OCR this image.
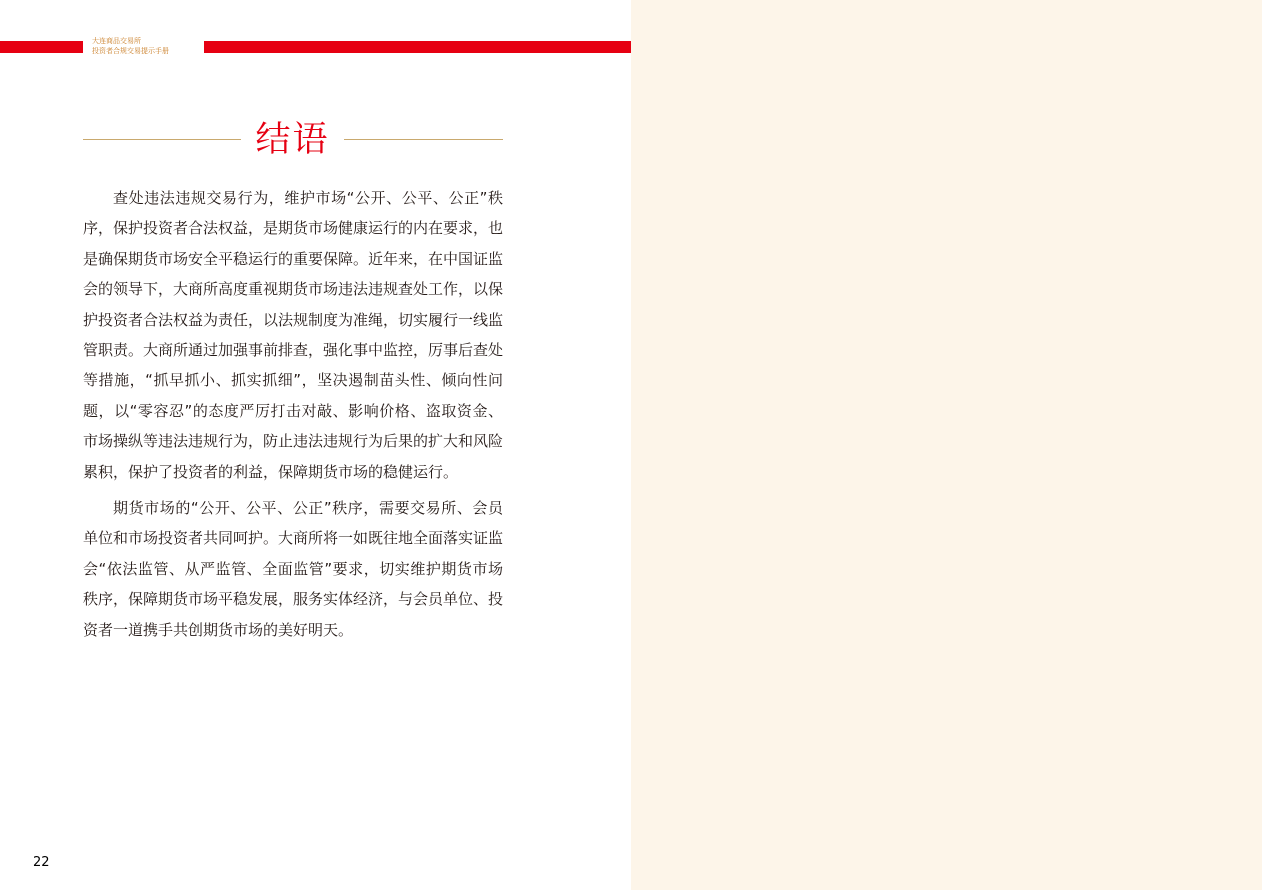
大连商品交易所
投资者合规交易提示手册
结语

查处违法违规交易行为，维护市场“公开、公平、公正”秩序，保护投资者合法权益，是期货市场健康运行的内在要求，也是确保期货市场安全平稳运行的重要保障。近年来，在中国证监会的领导下，大商所高度重视期货市场违法违规查处工作，以保护投资者合法权益为责任，以法规制度为准绳，切实履行一线监管职责。大商所通过加强事前排查，强化事中监控，厉事后查处等措施，“抓早抓小、抓实抓细”，坚决遏制苗头性、倾向性问题，以“零容忍”的态度严厉打击对敲、影响价格、盗取资金、市场操纵等违法违规行为，防止违法违规行为后果的扩大和风险累积，保护了投资者的利益，保障期货市场的稳健运行。

期货市场的“公开、公平、公正”秩序，需要交易所、会员单位和市场投资者共同呵护。大商所将一如既往地全面落实证监会“依法监管、从严监管、全面监管”要求，切实维护期货市场秩序，保障期货市场平稳发展，服务实体经济，与会员单位、投资者一道携手共创期货市场的美好明天。

22
